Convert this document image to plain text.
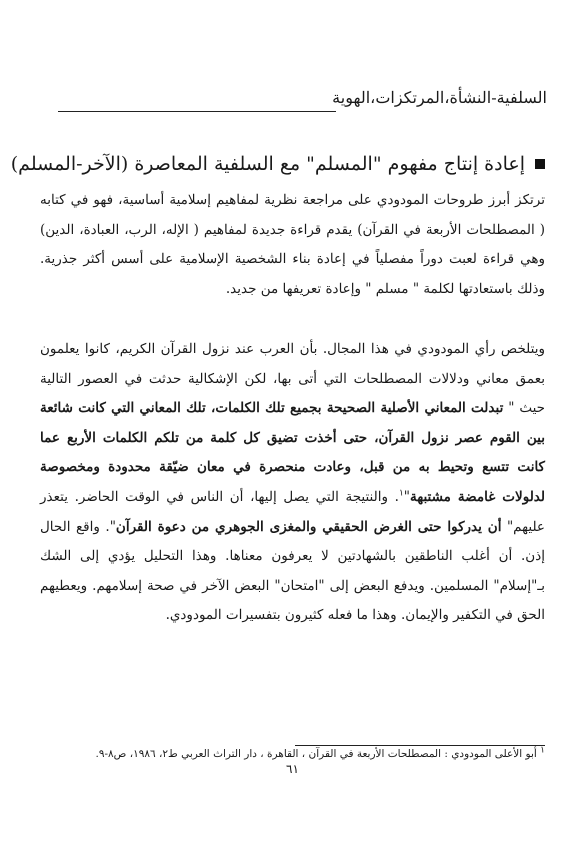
السلفية-النشأة،المرتكزات،الهوية
إعادة إنتاج مفهوم "المسلم" مع السلفية المعاصرة (الآخر-المسلم)
ترتكز أبرز طروحات المودودي على مراجعة نظرية لمفاهيم إسلامية أساسية، فهو في كتابه ( المصطلحات الأربعة في القرآن) يقدم قراءة جديدة لمفاهيم ( الإله، الرب، العبادة، الدين) وهي قراءة لعبت دوراً مفصلياً في إعادة بناء الشخصية الإسلامية على أسس أكثر جذرية. وذلك باستعادتها لكلمة " مسلم " وإعادة تعريفها من جديد.
ويتلخص رأي المودودي في هذا المجال. بأن العرب عند نزول القرآن الكريم، كانوا يعلمون بعمق معاني ودلالات المصطلحات التي أتى بها، لكن الإشكالية حدثت في العصور التالية حيث " تبدلت المعاني الأصلية الصحيحة بجميع تلك الكلمات، تلك المعاني التي كانت شائعة بين القوم عصر نزول القرآن، حتى أخذت تضيق كل كلمة من تلكم الكلمات الأربع عما كانت تتسع وتحيط به من قبل، وعادت منحصرة في معان ضيّقة محدودة ومخصوصة لدلولات غامضة مشتبهة"$^١$. والنتيجة التي يصل إليها، أن الناس في الوقت الحاضر. يتعذر عليهم" أن يدركوا حتى الغرض الحقيقي والمغزى الجوهري من دعوة القرآن". واقع الحال إذن. أن أغلب الناطقين بالشهادتين لا يعرفون معناها. وهذا التحليل يؤدي إلى الشك بـ"إسلام" المسلمين. ويدفع البعض إلى "امتحان" البعض الآخر في صحة إسلامهم. ويعطيهم الحق في التكفير والإيمان. وهذا ما فعله كثيرون بتفسيرات المودودي.
١ أبو الأعلى المودودي : المصطلحات الأربعة في القرآن ، القاهرة ، دار التراث العربي ط٢، ١٩٨٦، ص٨-٩.
٦١
